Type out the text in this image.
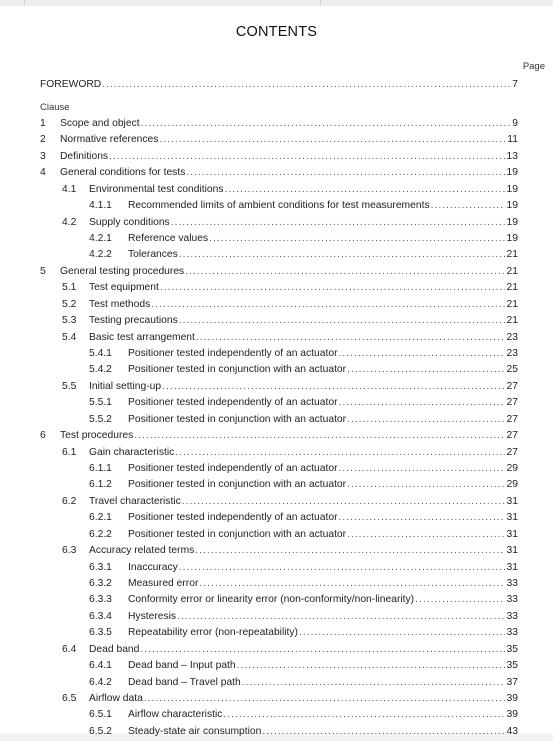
CONTENTS
Page
FOREWORD .....	7
Clause
1 Scope and object .....	9
2 Normative references .....	11
3 Definitions .....	13
4 General conditions for tests .....	19
4.1 Environmental test conditions .....	19
4.1.1 Recommended limits of ambient conditions for test measurements .....	19
4.2 Supply conditions .....	19
4.2.1 Reference values .....	19
4.2.2 Tolerances .....	21
5 General testing procedures .....	21
5.1 Test equipment .....	21
5.2 Test methods .....	21
5.3 Testing precautions .....	21
5.4 Basic test arrangement .....	23
5.4.1 Positioner tested independently of an actuator .....	23
5.4.2 Positioner tested in conjunction with an actuator .....	25
5.5 Initial setting-up .....	27
5.5.1 Positioner tested independently of an actuator .....	27
5.5.2 Positioner tested in conjunction with an actuator .....	27
6 Test procedures .....	27
6.1 Gain characteristic .....	27
6.1.1 Positioner tested independently of an actuator .....	29
6.1.2 Positioner tested in conjunction with an actuator .....	29
6.2 Travel characteristic .....	31
6.2.1 Positioner tested independently of an actuator .....	31
6.2.2 Positioner tested in conjunction with an actuator .....	31
6.3 Accuracy related terms .....	31
6.3.1 Inaccuracy .....	31
6.3.2 Measured error .....	33
6.3.3 Conformity error or linearity error (non-conformity/non-linearity) .....	33
6.3.4 Hysteresis .....	33
6.3.5 Repeatability error (non-repeatability) .....	33
6.4 Dead band .....	35
6.4.1 Dead band – Input path .....	35
6.4.2 Dead band – Travel path .....	37
6.5 Airflow data .....	39
6.5.1 Airflow characteristic .....	39
6.5.2 Steady-state air consumption .....	43
